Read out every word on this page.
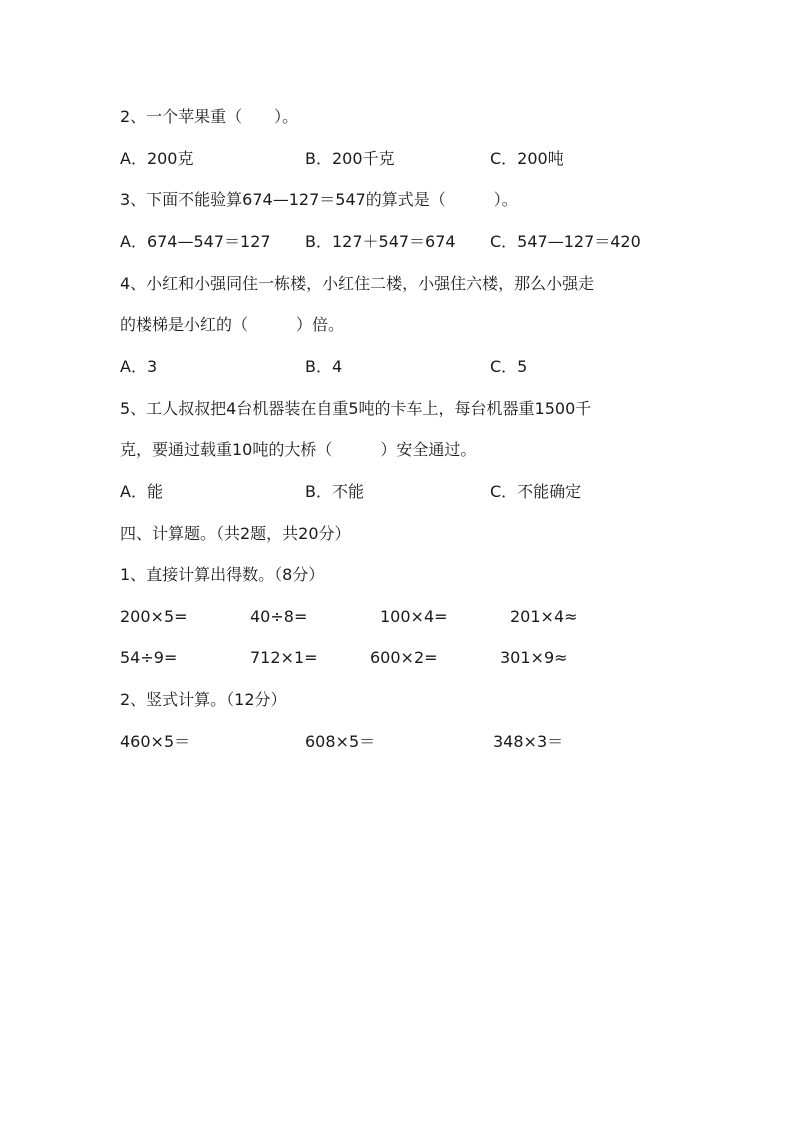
2、一个苹果重（　　）。
A．200克	B．200千克	C．200吨
3、下面不能验算674—127＝547的算式是（　　　）。
A．674—547＝127 B．127＋547＝674 C．547—127＝420
4、小红和小强同住一栋楼，小红住二楼，小强住六楼，那么小强走
的楼梯是小红的（　　　）倍。
A．3	B．4	C．5
5、工人叔叔把4台机器装在自重5吨的卡车上，每台机器重1500千
克，要通过载重10吨的大桥（　　　）安全通过。
A．能	B．不能	C．不能确定
四、计算题。（共2题，共20分）
1、直接计算出得数。（8分）
200×5=	40÷8=	100×4=	201×4≈
54÷9=	712×1=	600×2=	301×9≈
2、竖式计算。（12分）
460×5＝	608×5＝	348×3＝
